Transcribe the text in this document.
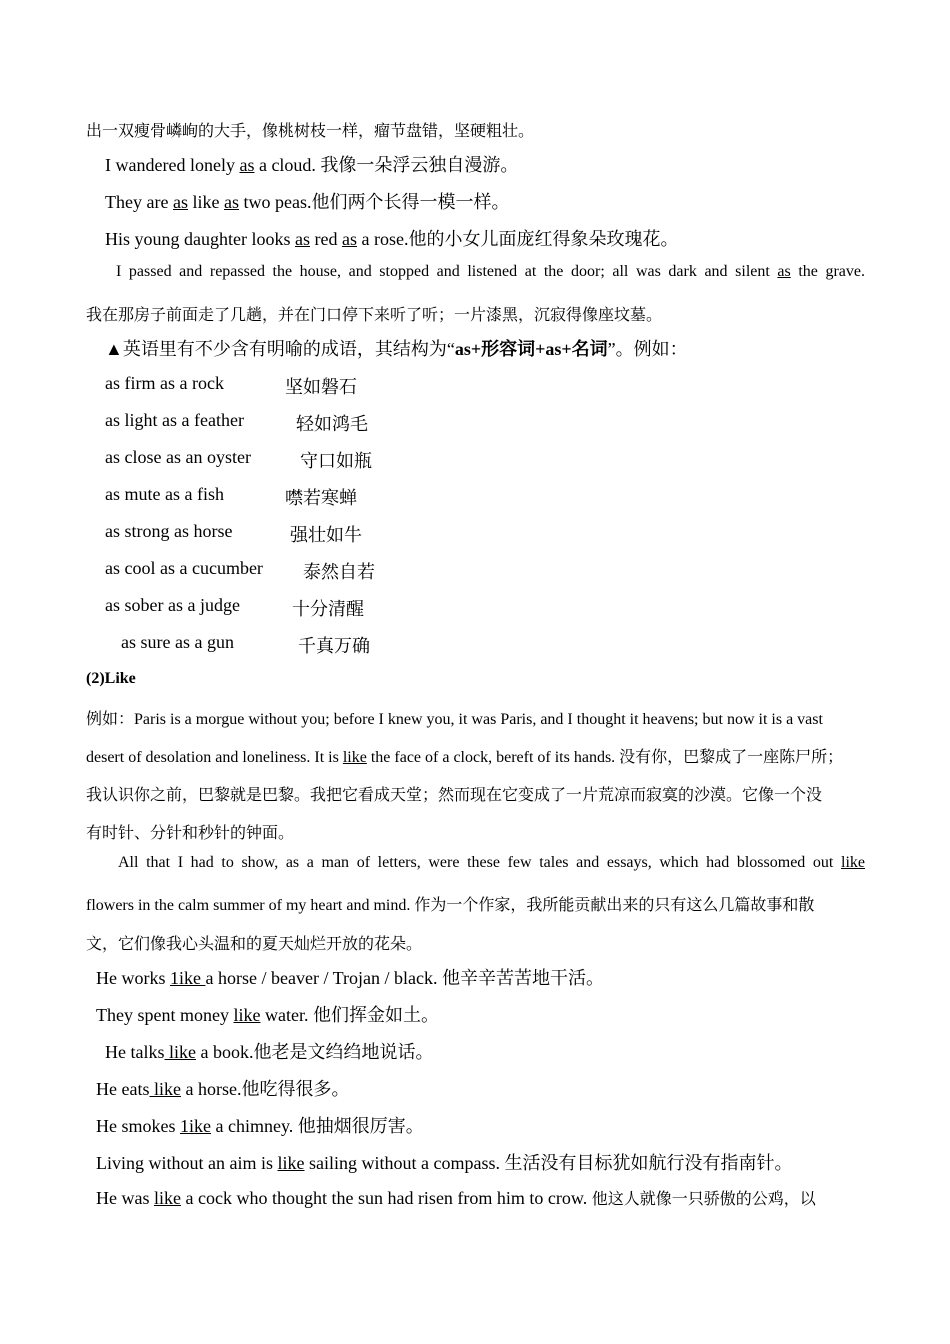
出一双瘦骨嶙峋的大手，像桃树枝一样，瘤节盘错，坚硬粗壮。
I wandered lonely as a cloud. 我像一朵浮云独自漫游。
They are as like as two peas.他们两个长得一模一样。
His young daughter looks as red as a rose.他的小女儿面庞红得象朵玫瑰花。
I passed and repassed the house, and stopped and listened at the door; all was dark and silent as the grave.
我在那房子前面走了几趟，并在门口停下来听了听；一片漆黑，沉寂得像座坟墓。
▲英语里有不少含有明喻的成语，其结构为“as+形容词+as+名词”。例如：
as firm as a rock	坚如磐石
as light as a feather	轻如鸿毛
as close as an oyster	守口如瓶
as mute as a fish	噤若寒蝉
as strong as horse	强壮如牛
as cool as a cucumber 泰然自若
as sober as a judge	十分清醒
as sure as a gun	千真万确
(2)Like
例如：Paris is a morgue without you; before I knew you, it was Paris, and I thought it heavens; but now it is a vast
desert of desolation and loneliness. It is like the face of a clock, bereft of its hands. 没有你，巴黎成了一座陈尸所；
我认识你之前，巴黎就是巴黎。我把它看成天堂；然而现在它变成了一片荒凉而寂寞的沙漠。它像一个没
有时针、分针和秒针的钟面。
All that I had to show, as a man of letters, were these few tales and essays, which had blossomed out like
flowers in the calm summer of my heart and mind. 作为一个作家，我所能贡献出来的只有这么几篇故事和散
文，它们像我心头温和的夏天灿烂开放的花朵。
He works 1ike a horse / beaver / Trojan / black. 他辛辛苦苦地干活。
They spent money like water. 他们挥金如土。
He talks like a book.他老是文绉绉地说话。
He eats like a horse.他吃得很多。
He smokes 1ike a chimney. 他抽烟很厉害。
Living without an aim is like sailing without a compass. 生活没有目标犹如航行没有指南针。
He was like a cock who thought the sun had risen from him to crow. 他这人就像一只骄傲的公鸡，以
